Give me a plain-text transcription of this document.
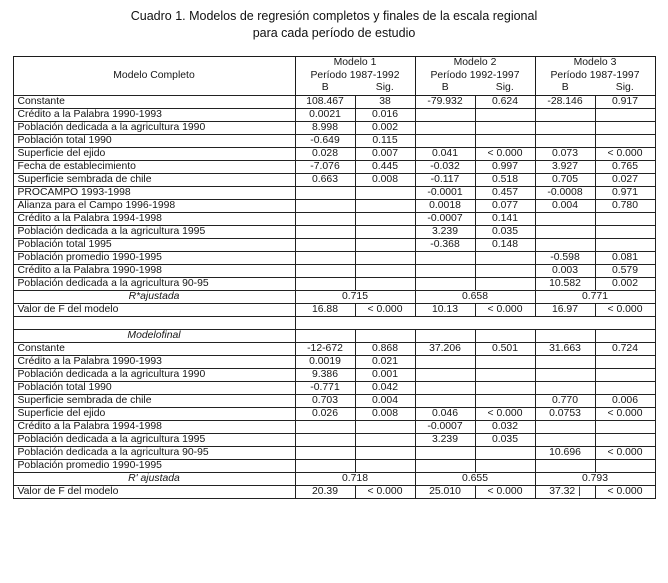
Cuadro 1. Modelos de regresión completos y finales de la escala regional
para cada período de estudio
Modelo Completo	Modelo 1		Modelo 2		Modelo 3	
	Período 1987-1992		Período 1992-1997		Período 1987-1997	
	B	Sig.	B	Sig.	B	Sig.
Constante	108.467	38	-79.932	0.624	-28.146	0.917
Crédito a la Palabra 1990-1993	0.0021	0.016				
Población dedicada a la agricultura 1990	8.998	0.002				
Población total 1990	-0.649	0.115				
Superficie del ejido	0.028	0.007	0.041	< 0.000	0.073	< 0.000
Fecha de establecimiento	-7.076	0.445	-0.032	0.997	3.927	0.765
Superficie sembrada de chile	0.663	0.008	-0.117	0.518	0.705	0.027
PROCAMPO 1993-1998			-0.0001	0.457	-0.0008	0.971
Alianza para el Campo 1996-1998			0.0018	0.077	0.004	0.780
Crédito a la Palabra 1994-1998			-0.0007	0.141		
Población dedicada a la agricultura 1995			3.239	0.035		
Población total 1995			-0.368	0.148		
Población promedio 1990-1995					-0.598	0.081
Crédito a la Palabra 1990-1998					0.003	0.579
Población dedicada a la agricultura 90-95					10.582	0.002
R*ajustada	0.715		0.658		0.771	
Valor de F del modelo	16.88	< 0.000	10.13	< 0.000	16.97	< 0.000

Modelofinal						
Constante	-12-672	0.868	37.206	0.501	31.663	0.724
Crédito a la Palabra 1990-1993	0.0019	0.021				
Población dedicada a la agricultura 1990	9.386	0.001				
Población total 1990	-0.771	0.042				
Superficie sembrada de chile	0.703	0.004			0.770	0.006
Superficie del ejido	0.026	0.008	0.046	< 0.000	0.0753	< 0.000
Crédito a la Palabra 1994-1998			-0.0007	0.032		
Población dedicada a la agricultura 1995			3.239	0.035		
Población dedicada a la agricultura 90-95					10.696	< 0.000
Población promedio 1990-1995						
R' ajustada	0.718		0.655		0.793	
Valor de F del modelo	20.39	< 0.000	25.010	< 0.000	37.32 |	< 0.000
